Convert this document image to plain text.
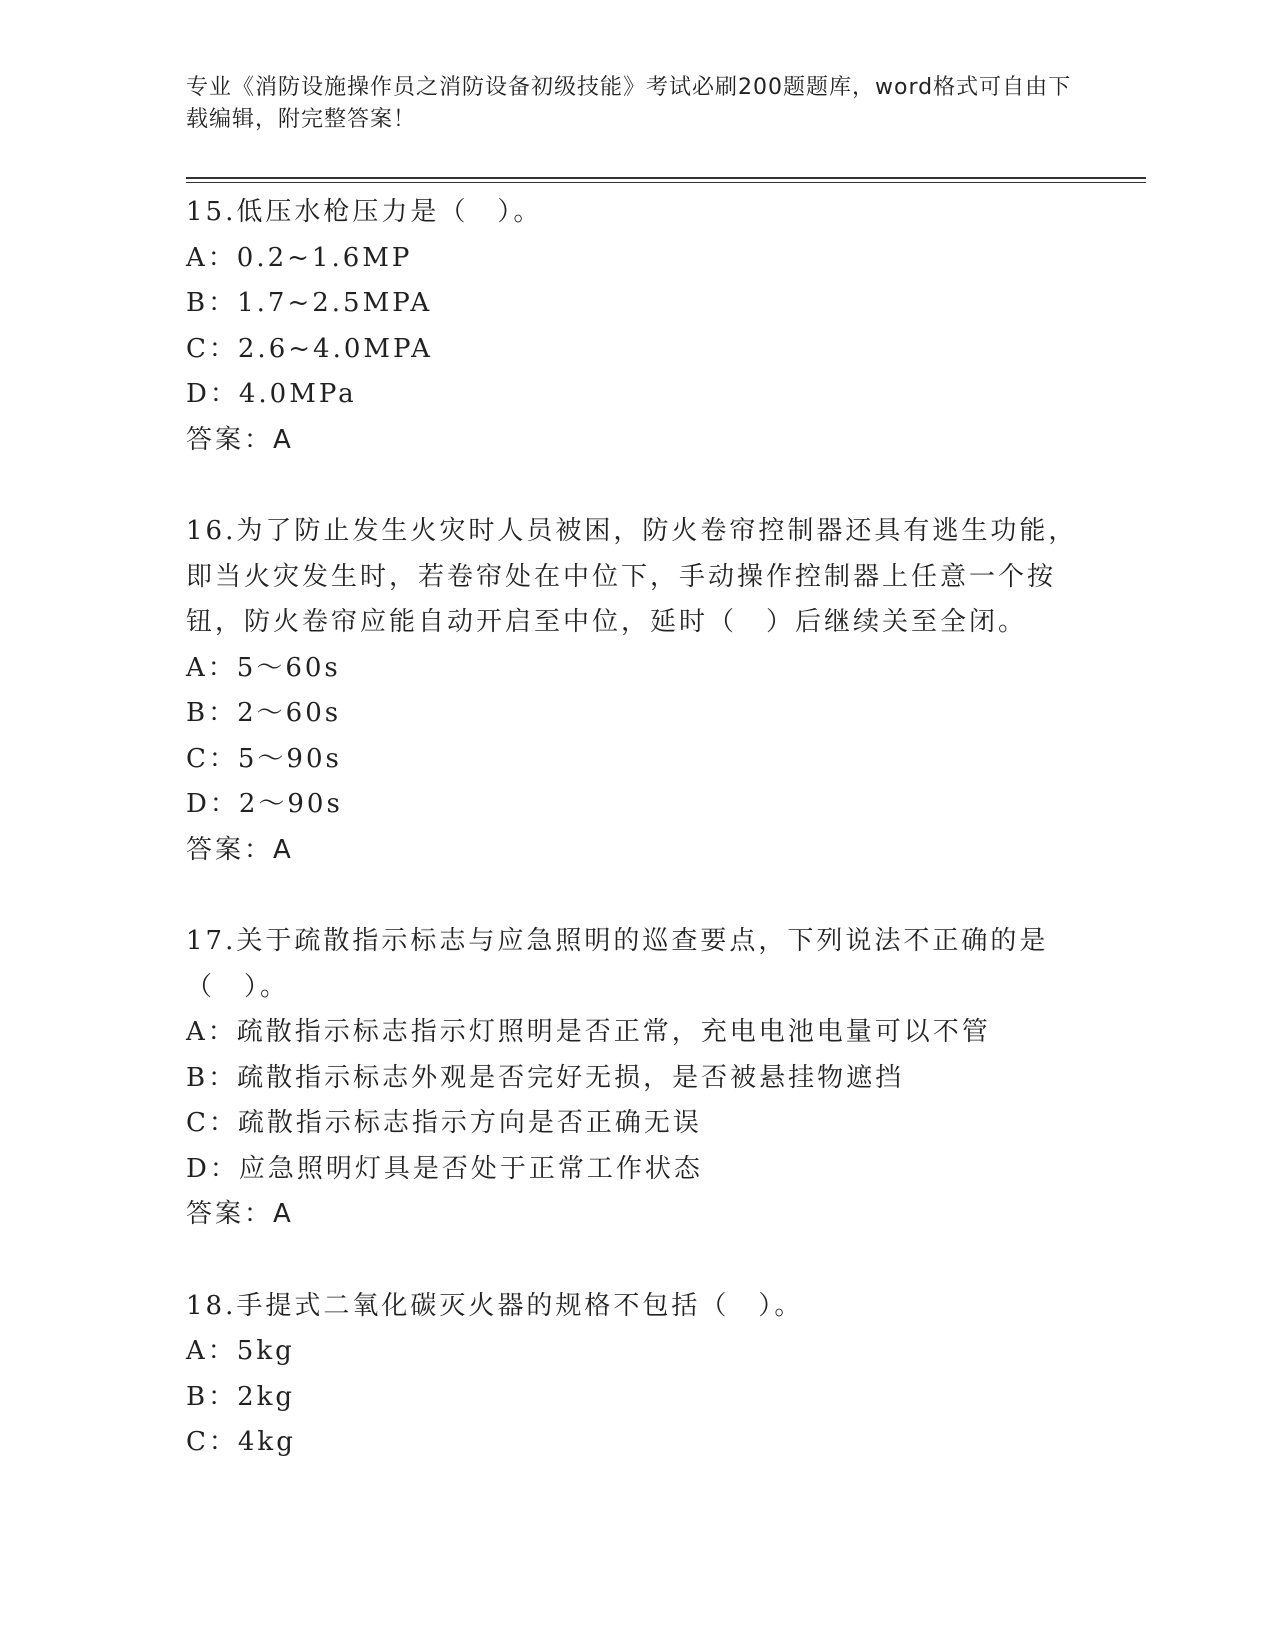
专业《消防设施操作员之消防设备初级技能》考试必刷200题题库，word格式可自由下载编辑，附完整答案！
15.低压水枪压力是（　）。
A：0.2~1.6MP
B：1.7~2.5MPA
C：2.6~4.0MPA
D：4.0MPa
答案：A
16.为了防止发生火灾时人员被困，防火卷帘控制器还具有逃生功能，即当火灾发生时，若卷帘处在中位下，手动操作控制器上任意一个按钮，防火卷帘应能自动开启至中位，延时（　）后继续关至全闭。
A：5～60s
B：2～60s
C：5～90s
D：2～90s
答案：A
17.关于疏散指示标志与应急照明的巡查要点，下列说法不正确的是（　）。
A：疏散指示标志指示灯照明是否正常，充电电池电量可以不管
B：疏散指示标志外观是否完好无损，是否被悬挂物遮挡
C：疏散指示标志指示方向是否正确无误
D：应急照明灯具是否处于正常工作状态
答案：A
18.手提式二氧化碳灭火器的规格不包括（　）。
A：5kg
B：2kg
C：4kg
